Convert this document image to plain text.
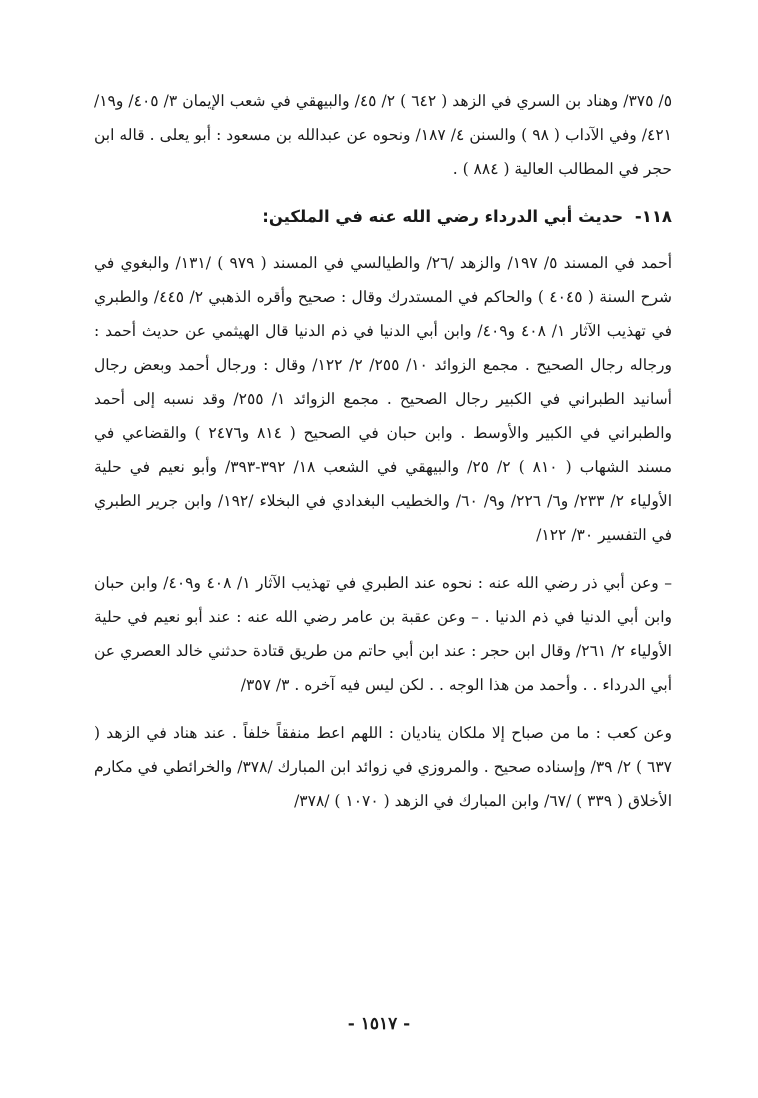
٥/ ٣٧٥/ وهناد بن السري في الزهد ( ٦٤٢ ) ٢/ ٤٥/ والبيهقي في شعب الإيمان ٣/ ٤٠٥/ و١٩/ ٤٢١/ وفي الآداب ( ٩٨ ) والسنن ٤/ ١٨٧/ ونحوه عن عبدالله بن مسعود : أبو يعلى . قاله ابن حجر في المطالب العالية ( ٨٨٤ ) .

١١٨- حديث أبي الدرداء رضي الله عنه في الملكين:

أحمد في المسند ٥/ ١٩٧/ والزهد /٢٦/ والطيالسي في المسند ( ٩٧٩ ) /١٣١/ والبغوي في شرح السنة ( ٤٠٤٥ ) والحاكم في المستدرك وقال : صحيح وأقره الذهبي ٢/ ٤٤٥/ والطبري في تهذيب الآثار ١/ ٤٠٨ و٤٠٩/ وابن أبي الدنيا في ذم الدنيا قال الهيثمي عن حديث أحمد : ورجاله رجال الصحيح . مجمع الزوائد ١٠/ ٢٥٥/ ٢/ ١٢٢/ وقال : ورجال أحمد وبعض رجال أسانيد الطبراني في الكبير رجال الصحيح . مجمع الزوائد ١/ ٢٥٥/ وقد نسبه إلى أحمد والطبراني في الكبير والأوسط . وابن حبان في الصحيح ( ٨١٤ و٢٤٧٦ ) والقضاعي في مسند الشهاب ( ٨١٠ ) ٢/ ٢٥/ والبيهقي في الشعب ١٨/ ٣٩٢-٣٩٣/ وأبو نعيم في حلية الأولياء ٢/ ٢٣٣/ و٦/ ٢٢٦/ و٩/ ٦٠/ والخطيب البغدادي في البخلاء /١٩٢/ وابن جرير الطبري في التفسير ٣٠/ ١٢٢/

– وعن أبي ذر رضي الله عنه : نحوه عند الطبري في تهذيب الآثار ١/ ٤٠٨ و٤٠٩/ وابن حبان وابن أبي الدنيا في ذم الدنيا . – وعن عقبة بن عامر رضي الله عنه : عند أبو نعيم في حلية الأولياء ٢/ ٢٦١/ وقال ابن حجر : عند ابن أبي حاتم من طريق قتادة حدثني خالد العصري عن أبي الدرداء . . وأحمد من هذا الوجه . . لكن ليس فيه آخره . ٣/ ٣٥٧/

وعن كعب : ما من صباح إلا ملكان يناديان : اللهم اعط منفقاً خلفاً . عند هناد في الزهد ( ٦٣٧ ) ٢/ ٣٩/ وإسناده صحيح . والمروزي في زوائد ابن المبارك /٣٧٨/ والخرائطي في مكارم الأخلاق ( ٣٣٩ ) /٦٧/ وابن المبارك في الزهد ( ١٠٧٠ ) /٣٧٨/

- ١٥١٧ -
